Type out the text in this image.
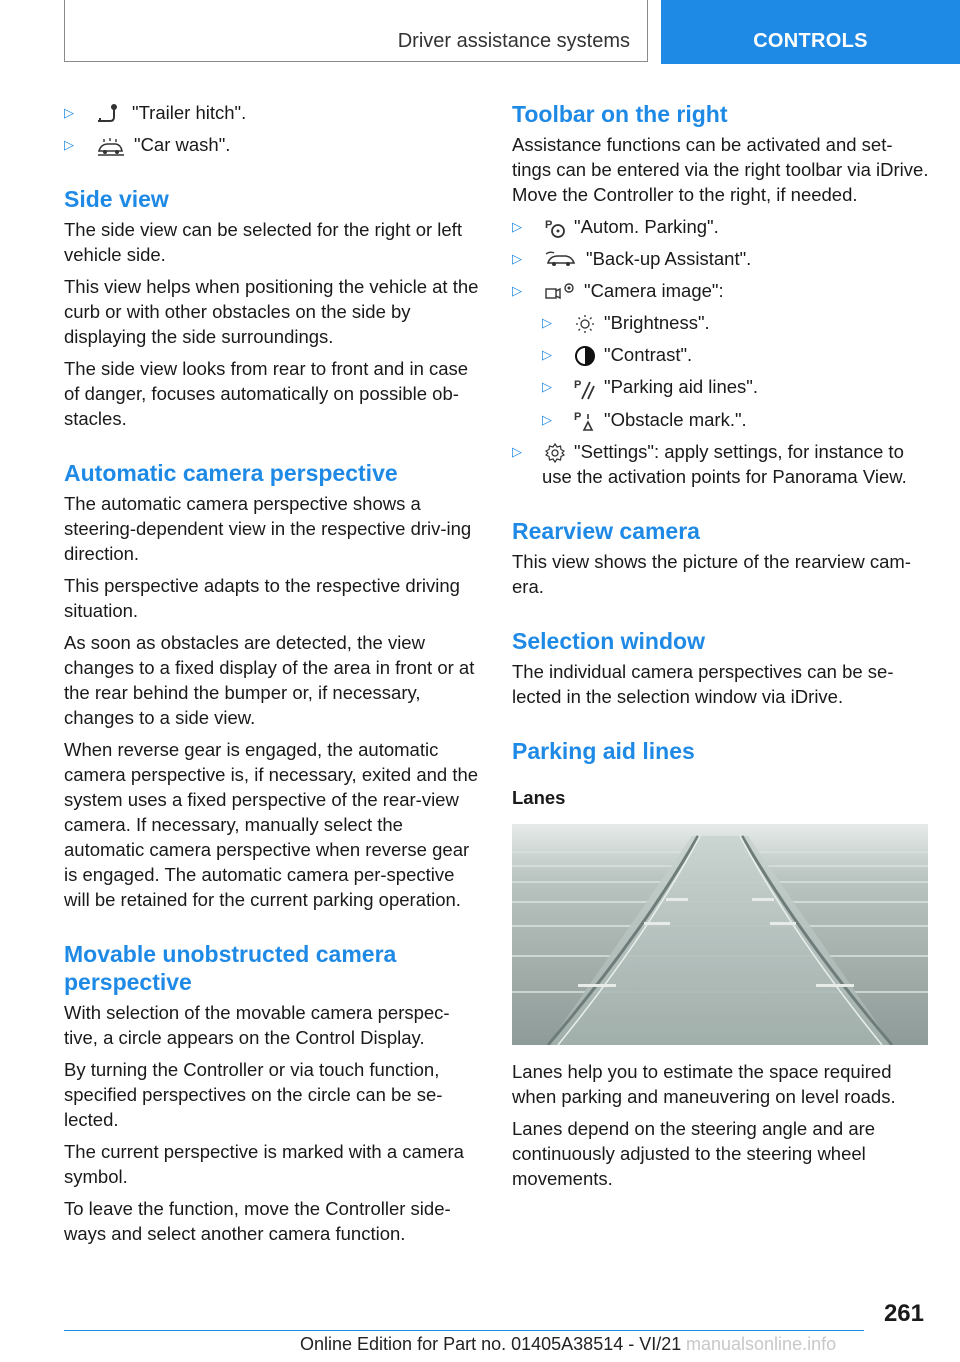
Driver assistance systems	CONTROLS
▷	"Trailer hitch".
▷	"Car wash".
Side view

The side view can be selected for the right or left vehicle side.

This view helps when positioning the vehicle at the curb or with other obstacles on the side by displaying the side surroundings.

The side view looks from rear to front and in case of danger, focuses automatically on possible ob-stacles.

Automatic camera perspective

The automatic camera perspective shows a steering-dependent view in the respective driv-ing direction.

This perspective adapts to the respective driving situation.

As soon as obstacles are detected, the view changes to a fixed display of the area in front or at the rear behind the bumper or, if necessary, changes to a side view.

When reverse gear is engaged, the automatic camera perspective is, if necessary, exited and the system uses a fixed perspective of the rear-view camera. If necessary, manually select the automatic camera perspective when reverse gear is engaged. The automatic camera per-spective will be retained for the current parking operation.

Movable unobstructed camera perspective

With selection of the movable camera perspec-tive, a circle appears on the Control Display.

By turning the Controller or via touch function, specified perspectives on the circle can be se-lected.

The current perspective is marked with a camera symbol.

To leave the function, move the Controller side-ways and select another camera function.

Toolbar on the right

Assistance functions can be activated and set-tings can be entered via the right toolbar via iDrive. Move the Controller to the right, if needed.

▷	P "Autom. Parking".
▷	"Back-up Assistant".
▷	"Camera image":
▷	"Brightness".
▷	"Contrast".
▷	P "Parking aid lines".
▷	P "Obstacle mark.".
▷	"Settings": apply settings, for instance to use the activation points for Panorama View.
Rearview camera

This view shows the picture of the rearview cam-era.

Selection window

The individual camera perspectives can be se-lected in the selection window via iDrive.

Parking aid lines
Lanes

Lanes help you to estimate the space required when parking and maneuvering on level roads.

Lanes depend on the steering angle and are continuously adjusted to the steering wheel movements.

261
Online Edition for Part no. 01405A38514 - VI/21 manualsonline.info
